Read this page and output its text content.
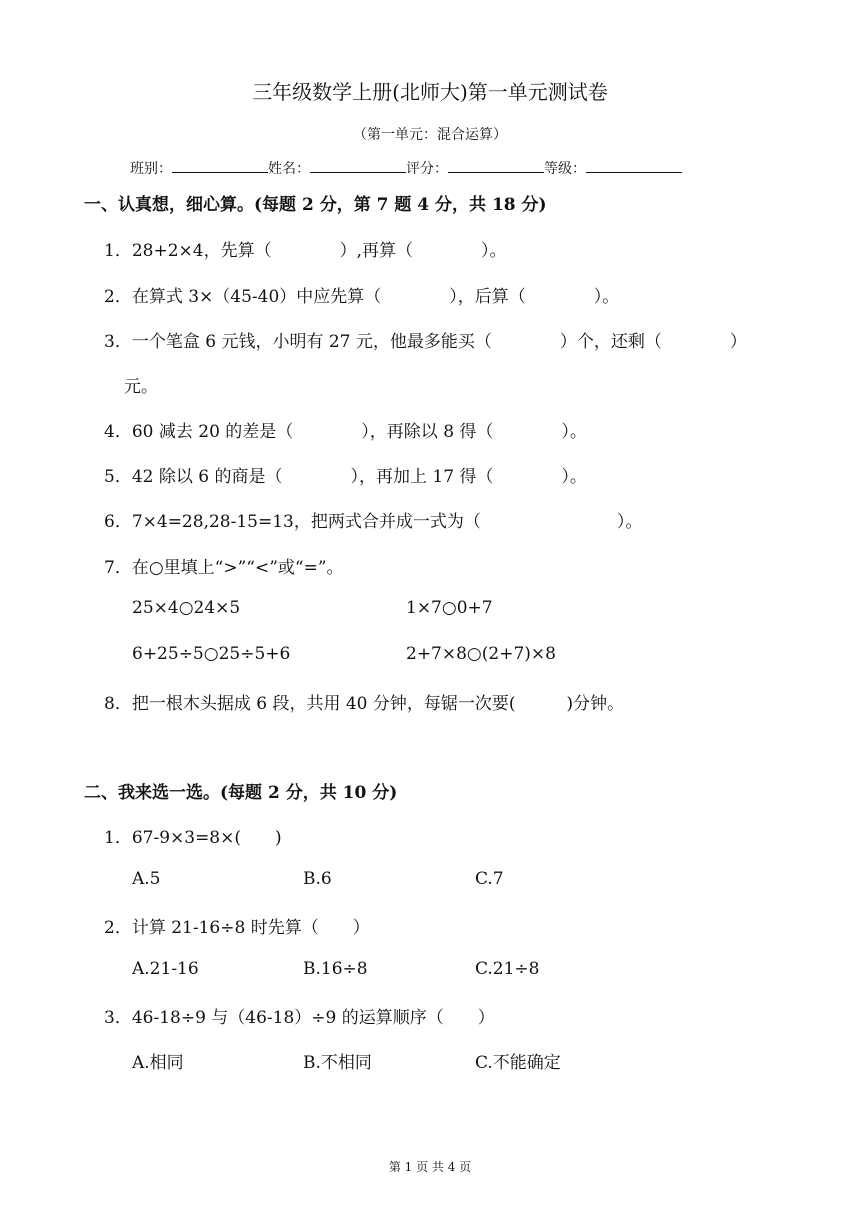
三年级数学上册(北师大)第一单元测试卷
（第一单元：混合运算）
班别：	姓名：	评分：	等级：
一、认真想，细心算。(每题 2 分，第 7 题 4 分，共 18 分)
1．28+2×4，先算（　　　　）,再算（　　　　）。
2．在算式 3×（45-40）中应先算（　　　　），后算（　　　　）。
3．一个笔盒 6 元钱，小明有 27 元，他最多能买（　　　　）个，还剩（　　　　）
元。
4．60 减去 20 的差是（　　　　），再除以 8 得（　　　　）。
5．42 除以 6 的商是（　　　　），再加上 17 得（　　　　）。
6．7×4=28,28-15=13，把两式合并成一式为（　　　　　　　　）。
7．在○里填上“>”“<”或“=”。
25×4○24×5	1×7○0+7
6+25÷5○25÷5+6	2+7×8○(2+7)×8
8．把一根木头据成 6 段，共用 40 分钟，每锯一次要(　　　)分钟。
二、我来选一选。(每题 2 分，共 10 分)
1．67-9×3=8×(　　)
A.5	B.6	C.7
2．计算 21-16÷8 时先算（　　）
A.21-16	B.16÷8	C.21÷8
3．46-18÷9 与（46-18）÷9 的运算顺序（　　）
A.相同	B.不相同	C.不能确定
第 1 页 共 4 页
